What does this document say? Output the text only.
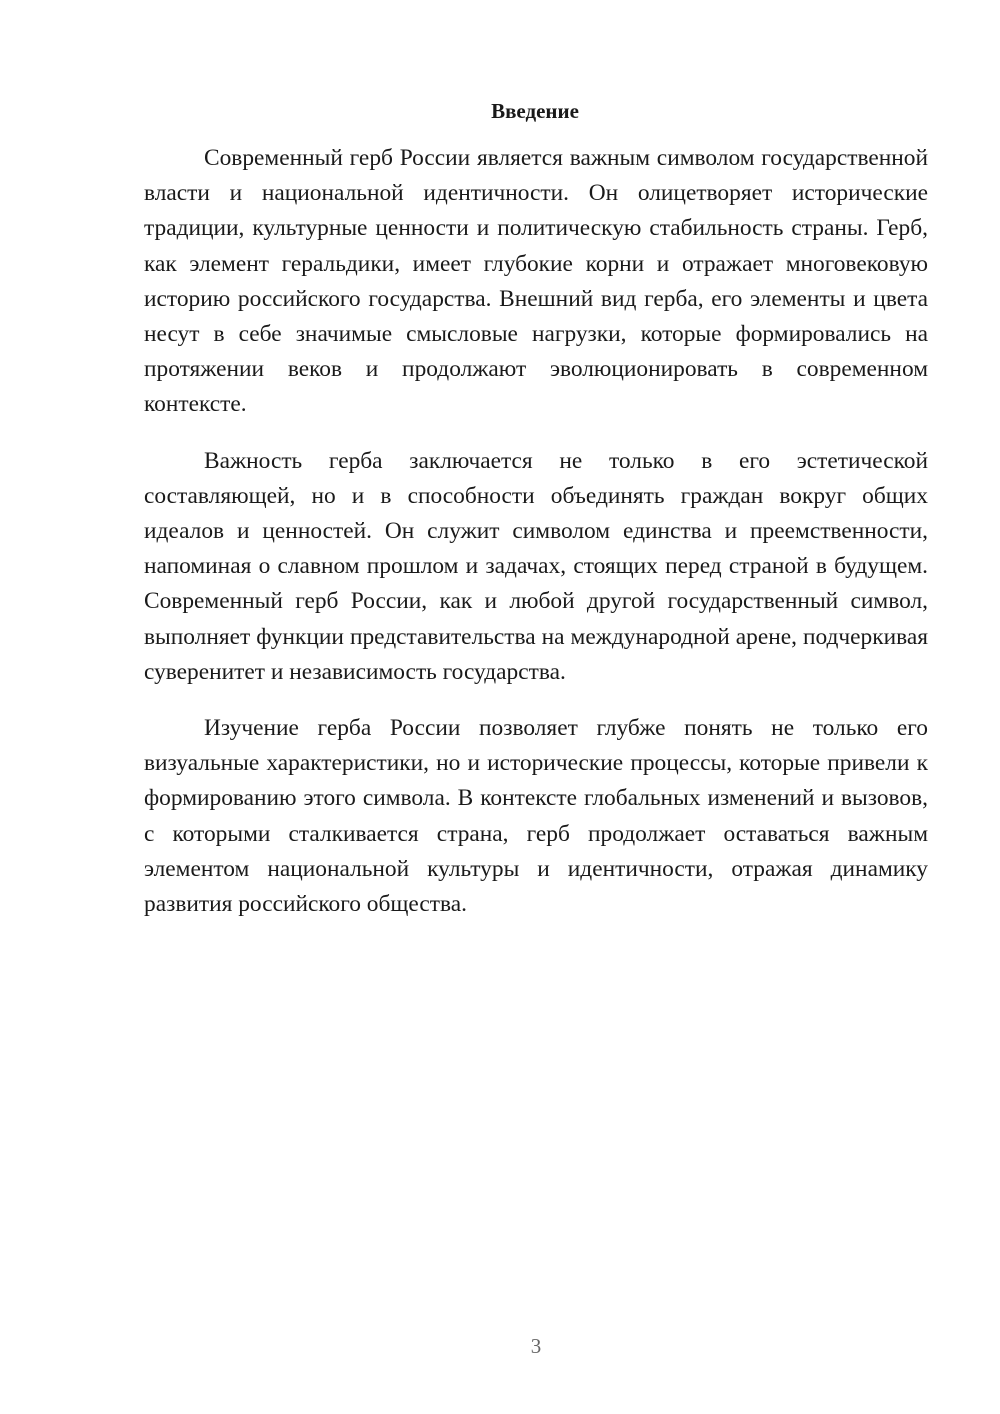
Введение

Современный герб России является важным символом государственной власти и национальной идентичности. Он олицетворяет исторические традиции, культурные ценности и политическую стабильность страны. Герб, как элемент геральдики, имеет глубокие корни и отражает многовековую историю российского государства. Внешний вид герба, его элементы и цвета несут в себе значимые смысловые нагрузки, которые формировались на протяжении веков и продолжают эволюционировать в современном контексте.

Важность герба заключается не только в его эстетической составляющей, но и в способности объединять граждан вокруг общих идеалов и ценностей. Он служит символом единства и преемственности, напоминая о славном прошлом и задачах, стоящих перед страной в будущем. Современный герб России, как и любой другой государственный символ, выполняет функции представительства на международной арене, подчеркивая суверенитет и независимость государства.

Изучение герба России позволяет глубже понять не только его визуальные характеристики, но и исторические процессы, которые привели к формированию этого символа. В контексте глобальных изменений и вызовов, с которыми сталкивается страна, герб продолжает оставаться важным элементом национальной культуры и идентичности, отражая динамику развития российского общества.

3
